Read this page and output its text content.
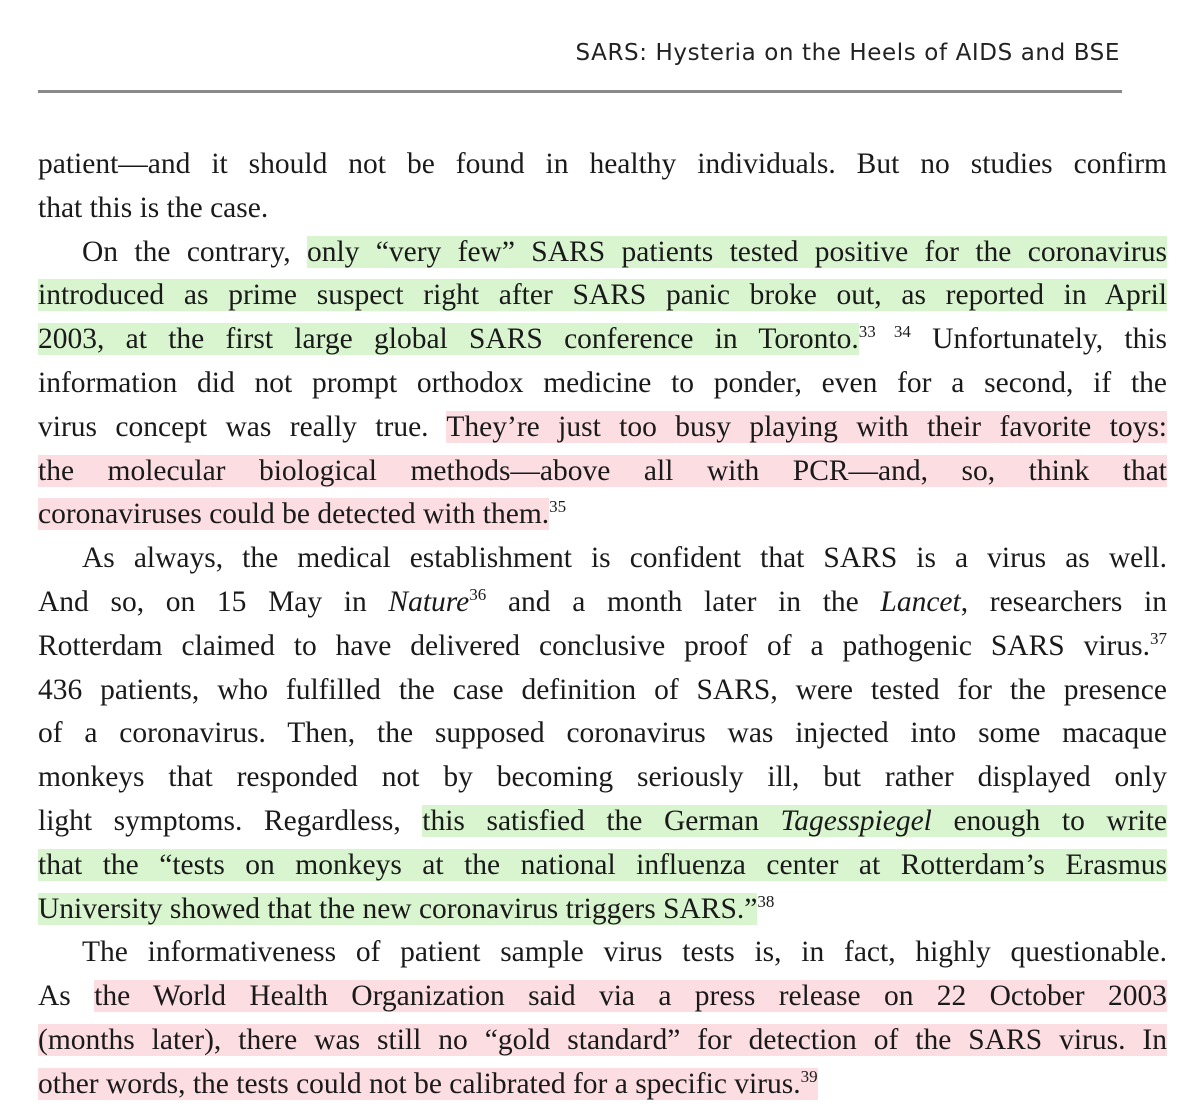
SARS: Hysteria on the Heels of AIDS and BSE
patient—and it should not be found in healthy individuals. But no studies confirm
that this is the case.
On the contrary, only “very few” SARS patients tested positive for the coronavirus
introduced as prime suspect right after SARS panic broke out, as reported in April
2003, at the first large global SARS conference in Toronto.$^{33 34}$ Unfortunately, this
information did not prompt orthodox medicine to ponder, even for a second, if the
virus concept was really true. They’re just too busy playing with their favorite toys:
the molecular biological methods—above all with PCR—and, so, think that
coronaviruses could be detected with them.$^{35}$
As always, the medical establishment is confident that SARS is a virus as well.
And so, on 15 May in Nature$^{36}$ and a month later in the Lancet, researchers in
Rotterdam claimed to have delivered conclusive proof of a pathogenic SARS virus.$^{37}$
436 patients, who fulfilled the case definition of SARS, were tested for the presence
of a coronavirus. Then, the supposed coronavirus was injected into some macaque
monkeys that responded not by becoming seriously ill, but rather displayed only
light symptoms. Regardless, this satisfied the German Tagesspiegel enough to write
that the “tests on monkeys at the national influenza center at Rotterdam’s Erasmus
University showed that the new coronavirus triggers SARS.”$^{38}$
The informativeness of patient sample virus tests is, in fact, highly questionable.
As the World Health Organization said via a press release on 22 October 2003
(months later), there was still no “gold standard” for detection of the SARS virus. In
other words, the tests could not be calibrated for a specific virus.$^{39}$
